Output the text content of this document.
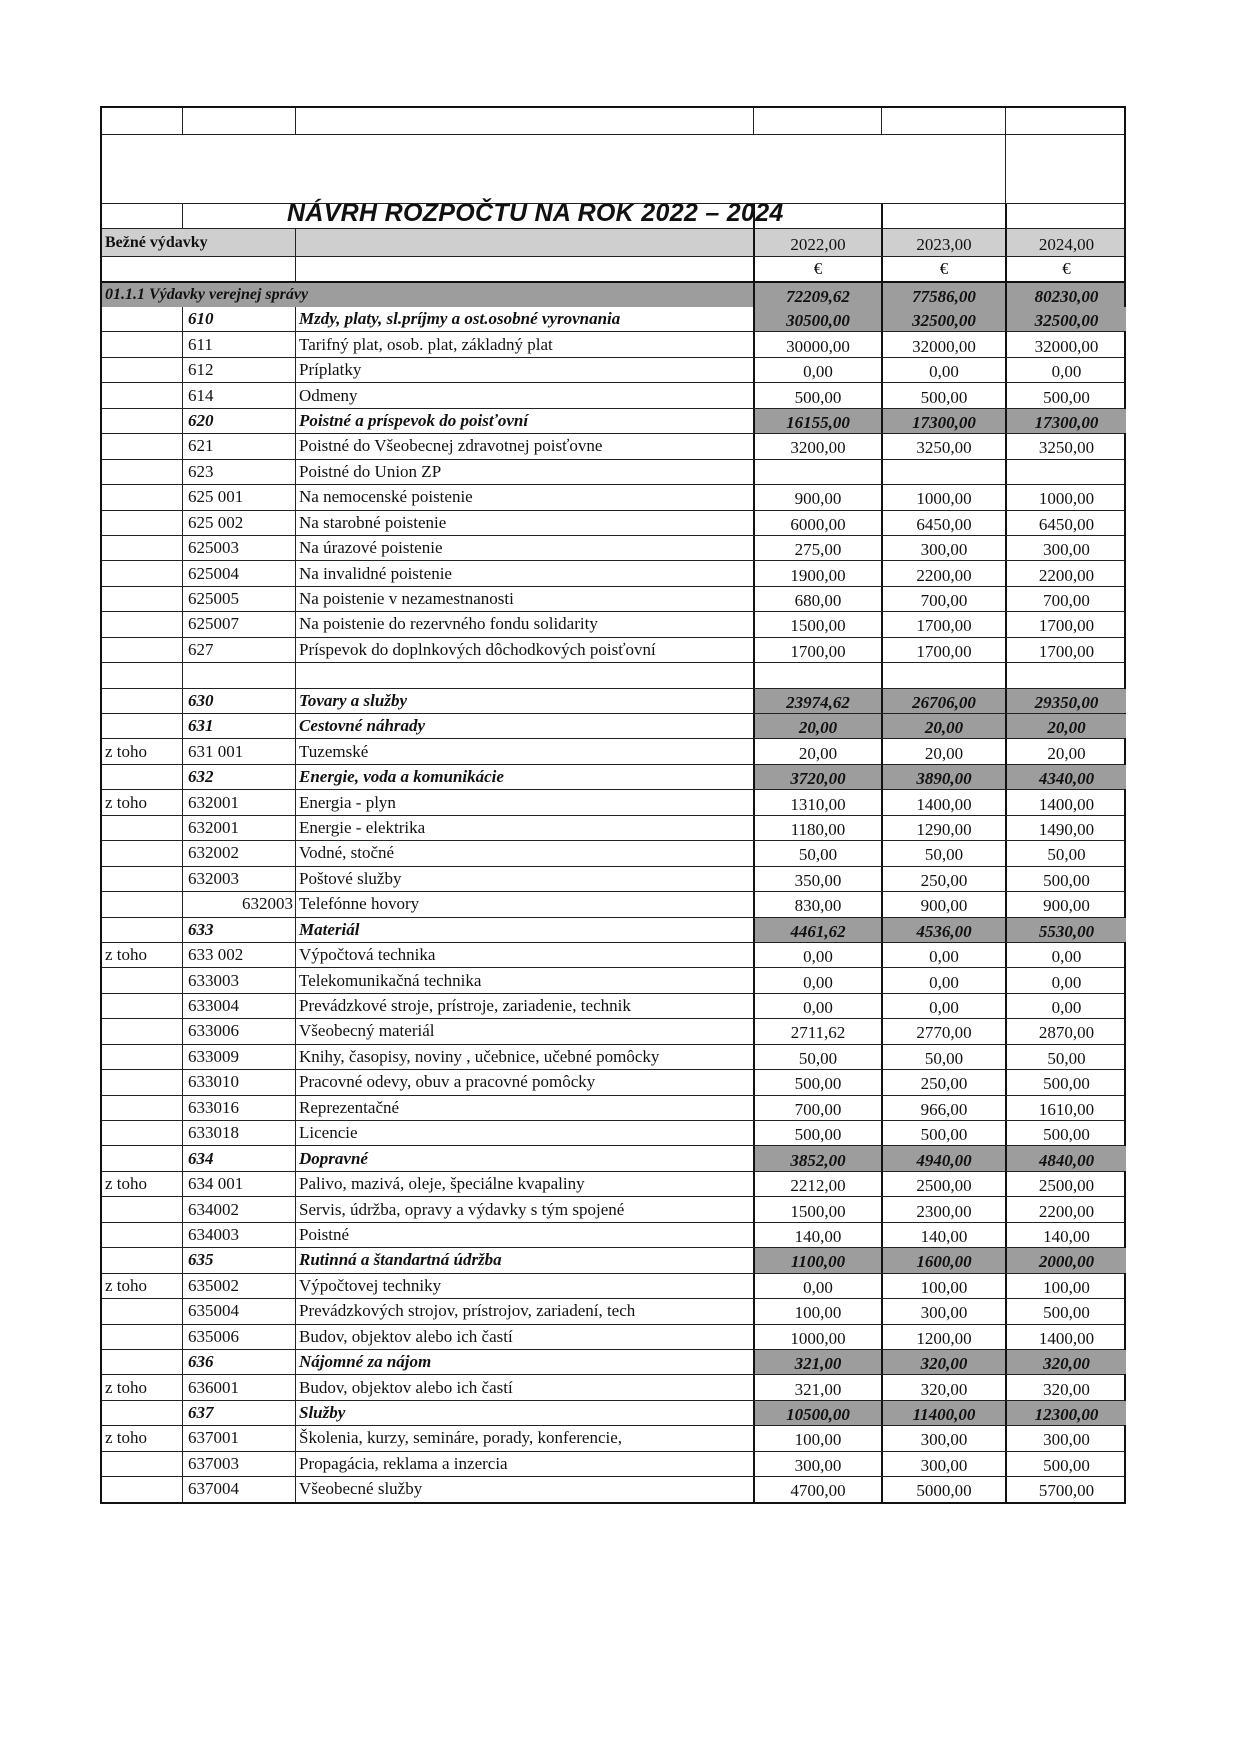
NÁVRH ROZPOČTU NA ROK 2022 – 2024
Bežné výdavky	2022,00	2023,00	2024,00
€	€	€
01.1.1 Výdavky verejnej správy	72209,62	77586,00	80230,00
610	Mzdy, platy, sl.príjmy a ost.osobné vyrovnania	30500,00	32500,00	32500,00
611	Tarifný plat, osob. plat, základný plat	30000,00	32000,00	32000,00
612	Príplatky	0,00	0,00	0,00
614	Odmeny	500,00	500,00	500,00
620	Poistné a príspevok do poisťovní	16155,00	17300,00	17300,00
621	Poistné do Všeobecnej zdravotnej poisťovne	3200,00	3250,00	3250,00
623	Poistné do Union ZP
625 001	Na nemocenské poistenie	900,00	1000,00	1000,00
625 002	Na starobné poistenie	6000,00	6450,00	6450,00
625003	Na úrazové poistenie	275,00	300,00	300,00
625004	Na invalidné poistenie	1900,00	2200,00	2200,00
625005	Na poistenie v nezamestnanosti	680,00	700,00	700,00
625007	Na poistenie do rezervného fondu solidarity	1500,00	1700,00	1700,00
627	Príspevok do doplnkových dôchodkových poisťovní	1700,00	1700,00	1700,00
630	Tovary a služby	23974,62	26706,00	29350,00
631	Cestovné náhrady	20,00	20,00	20,00
z toho	631 001	Tuzemské	20,00	20,00	20,00
632	Energie, voda a komunikácie	3720,00	3890,00	4340,00
z toho	632001	Energia - plyn	1310,00	1400,00	1400,00
632001	Energie - elektrika	1180,00	1290,00	1490,00
632002	Vodné, stočné	50,00	50,00	50,00
632003	Poštové služby	350,00	250,00	500,00
632003 Telefónne hovory	830,00	900,00	900,00
633	Materiál	4461,62	4536,00	5530,00
z toho	633 002	Výpočtová technika	0,00	0,00	0,00
633003	Telekomunikačná technika	0,00	0,00	0,00
633004	Prevádzkové stroje, prístroje, zariadenie, technik	0,00	0,00	0,00
633006	Všeobecný materiál	2711,62	2770,00	2870,00
633009	Knihy, časopisy, noviny , učebnice, učebné pomôcky	50,00	50,00	50,00
633010	Pracovné odevy, obuv a pracovné pomôcky	500,00	250,00	500,00
633016	Reprezentačné	700,00	966,00	1610,00
633018	Licencie	500,00	500,00	500,00
634	Dopravné	3852,00	4940,00	4840,00
z toho	634 001	Palivo, mazivá, oleje, špeciálne kvapaliny	2212,00	2500,00	2500,00
634002	Servis, údržba, opravy a výdavky s tým spojené	1500,00	2300,00	2200,00
634003	Poistné	140,00	140,00	140,00
635	Rutinná a štandartná údržba	1100,00	1600,00	2000,00
z toho	635002	Výpočtovej techniky	0,00	100,00	100,00
635004	Prevádzkových strojov, prístrojov, zariadení, tech	100,00	300,00	500,00
635006	Budov, objektov alebo ich častí	1000,00	1200,00	1400,00
636	Nájomné za nájom	321,00	320,00	320,00
z toho	636001	Budov, objektov alebo ich častí	321,00	320,00	320,00
637	Služby	10500,00	11400,00	12300,00
z toho	637001	Školenia, kurzy, semináre, porady, konferencie,	100,00	300,00	300,00
637003	Propagácia, reklama a inzercia	300,00	300,00	500,00
637004	Všeobecné služby	4700,00	5000,00	5700,00
